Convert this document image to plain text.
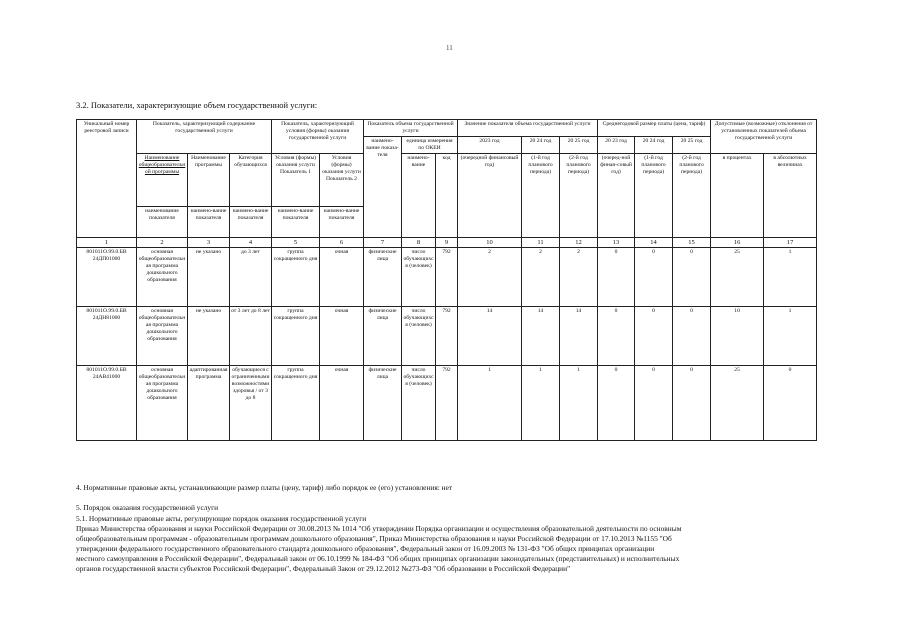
11
3.2. Показатели, характеризующие объем государственной услуги:
Уникальный номер реестровой записи	Показатель, характеризующий содержание государственной услуги			Показатель, характеризующий условия (формы) оказания государственной услуги		Показатель объема государственной услуги			Значение показателя объема государственной услуги			Среднегодовой размер платы (цена, тариф)			Допустимые (возможные) отклонения от установленных показателей объема государственной услуги	
						наимено-вание показа-теля	единица измерения по ОКЕИ		2023 год	20 24 год	20 25 год	20 23 год	20 24 год	20 25 год		
	Наименование общеобразовательной программы	Наименование программы	Категория обучающихся	Условия (формы) оказания услуги Показатель 1	Условия (формы) оказания услуги Показатель 2		наимено-вание	код	(очередной финансовый год)	(1-й год планового периода)	(2-й год планового периода)	(очеред-ной финан-совый год)	(1-й год планового периода)	(2-й год планового периода)	в процентах	в абсолютных величинах
	наименование показателя	наимено-вание показателя	наимено-вание показателя	наимено-вание показателя	наимено-вание показателя											
1	2	3	4	5	6	7	8	9	10	11	12	13	14	15	16	17
801011О.99.0.БВ 24ДП01000	основная общеобразовательная программа дошкольного образования	не указано	до 3 лет	группа сокращенного дня	очная	физические лица	число обучающихся (человек)	792	2	2	2	0	0	0	25	1
801011О.99.0.БВ 24ДН81000	основная общеобразовательная программа дошкольного образования	не указано	от 3 лет до 8 лет	группа сокращенного дня	очная	физические лица	число обучающихся (человек)	792	14	14	14	0	0	0	10	1
801011О.99.0.БВ 24АВ41000	основная общеобразовательная программа дошкольного образования	адаптированная программа	обучающиеся с ограниченными возможностями здоровья / от 3 до 8	группа сокращенного дня	очная	физические лица	число обучающихся (человек)	792	1	1	1	0	0	0	25	0
4. Нормативные правовые акты, устанавливающие размер платы (цену, тариф) либо порядок ее (его) установления: нет
5. Порядок оказания государственной услуги
5.1. Нормативные правовые акты, регулирующие порядок оказания государственной услуги
Приказ Министерства образования и науки Российской Федерации от 30.08.2013 № 1014 "Об утверждении Порядка организации и осуществления образовательной деятельности по основным
общеобразовательным программам - образовательным программам дошкольного образования", Приказ Министерства образования и науки Российской Федерации от 17.10.2013 №1155 "Об
утверждении федерального государственного образовательного стандарта дошкольного образования", Федеральный закон от 16.09.2003 № 131-ФЗ "Об общих принципах организации
местного самоуправления в Российской Федерации", Федеральный закон от 06.10.1999 № 184-ФЗ "Об общих принципах организации законодательных (представительных) и исполнительных
органов государственной власти субъектов Российской Федерации", Федеральный Закон от 29.12.2012 №273-ФЗ "Об образовании в Российской Федерации"
